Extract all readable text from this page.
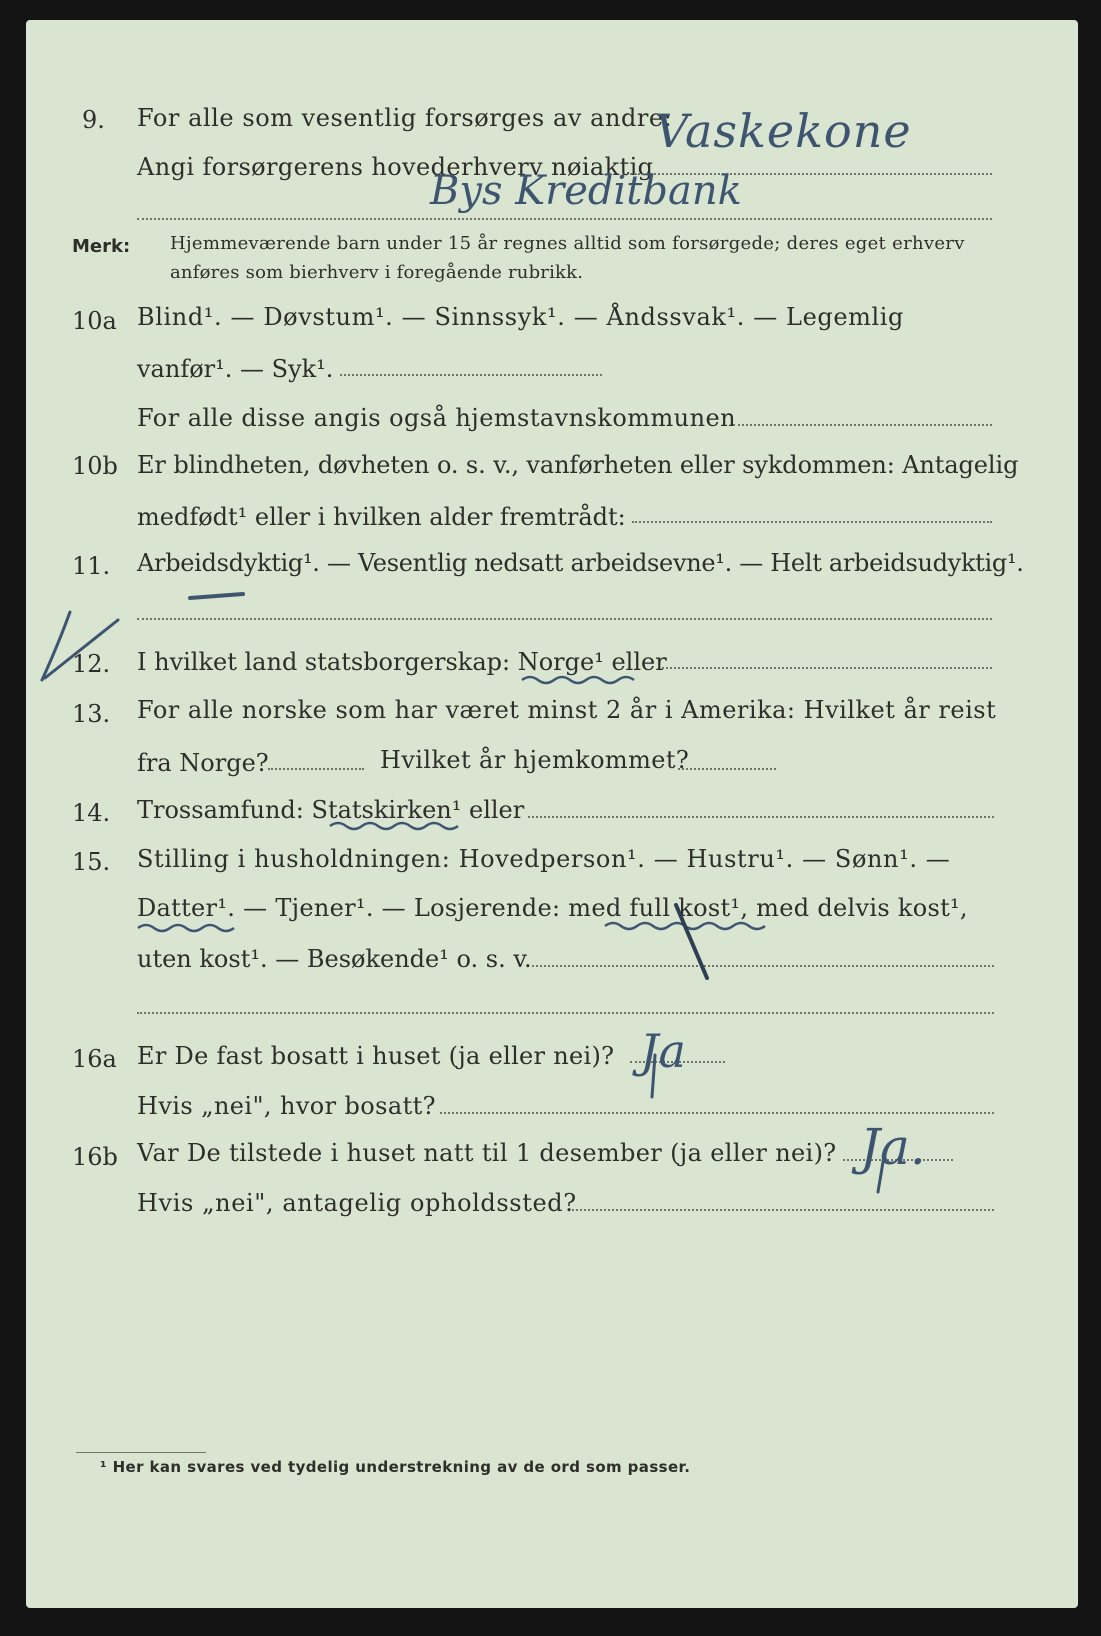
9. For alle som vesentlig forsørges av andre:
Angi forsørgerens hovederhverv nøiaktig
Vaskekone
Bys Kreditbank
Merk: Hjemmeværende barn under 15 år regnes alltid som forsørgede; deres eget erhverv
anføres som bierhverv i foregående rubrikk.
10a Blind¹. — Døvstum¹. — Sinnssyk¹. — Åndssvak¹. — Legemlig
vanfør¹. — Syk¹.
For alle disse angis også hjemstavnskommunen
10b Er blindheten, døvheten o. s. v., vanførheten eller sykdommen: Antagelig
medfødt¹ eller i hvilken alder fremtrådt:
11. Arbeidsdyktig¹. — Vesentlig nedsatt arbeidsevne¹. — Helt arbeidsudyktig¹.
12. I hvilket land statsborgerskap: Norge¹ eller
13. For alle norske som har været minst 2 år i Amerika: Hvilket år reist
fra Norge?	Hvilket år hjemkommet?
14. Trossamfund: Statskirken¹ eller
15. Stilling i husholdningen: Hovedperson¹. — Hustru¹. — Sønn¹. —
Datter¹. — Tjener¹. — Losjerende: med full kost¹, med delvis kost¹,
uten kost¹. — Besøkende¹ o. s. v.
16a Er De fast bosatt i huset (ja eller nei)? Ja
Hvis „nei", hvor bosatt?
16b Var De tilstede i huset natt til 1 desember (ja eller nei)? Ja.
Hvis „nei", antagelig opholdssted?
¹ Her kan svares ved tydelig understrekning av de ord som passer.
